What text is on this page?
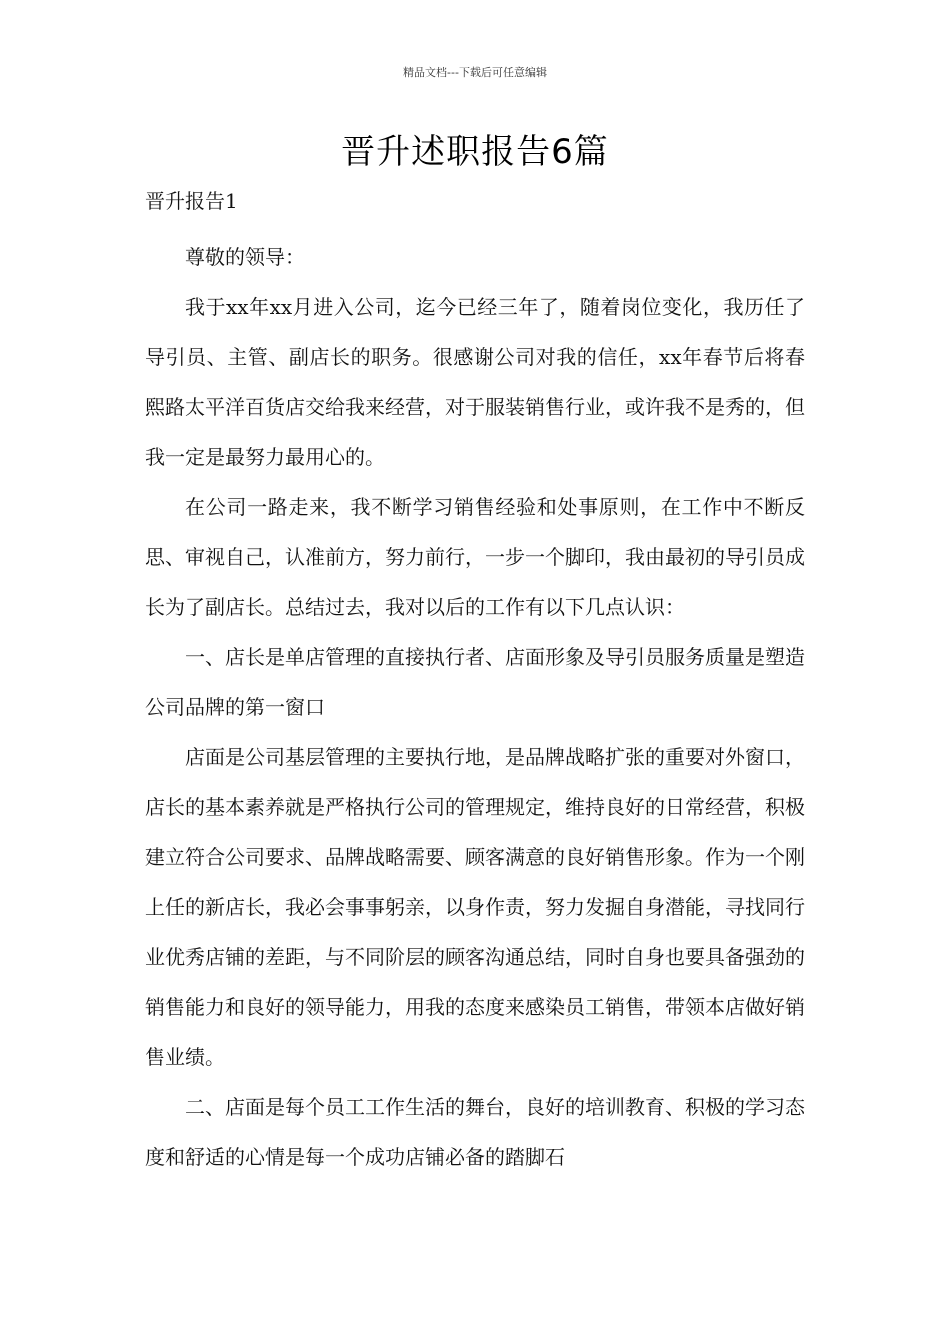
精品文档---下载后可任意编辑
晋升述职报告6篇
晋升报告1

尊敬的领导：

我于xx年xx月进入公司，迄今已经三年了，随着岗位变化，我历任了导引员、主管、副店长的职务。很感谢公司对我的信任，xx年春节后将春熙路太平洋百货店交给我来经营，对于服装销售行业，或许我不是秀的，但我一定是最努力最用心的。

在公司一路走来，我不断学习销售经验和处事原则，在工作中不断反思、审视自己，认准前方，努力前行，一步一个脚印，我由最初的导引员成长为了副店长。总结过去，我对以后的工作有以下几点认识：

一、店长是单店管理的直接执行者、店面形象及导引员服务质量是塑造公司品牌的第一窗口

店面是公司基层管理的主要执行地，是品牌战略扩张的重要对外窗口，店长的基本素养就是严格执行公司的管理规定，维持良好的日常经营，积极建立符合公司要求、品牌战略需要、顾客满意的良好销售形象。作为一个刚上任的新店长，我必会事事躬亲，以身作责，努力发掘自身潜能，寻找同行业优秀店铺的差距，与不同阶层的顾客沟通总结，同时自身也要具备强劲的销售能力和良好的领导能力，用我的态度来感染员工销售，带领本店做好销售业绩。

二、店面是每个员工工作生活的舞台，良好的培训教育、积极的学习态度和舒适的心情是每一个成功店铺必备的踏脚石
